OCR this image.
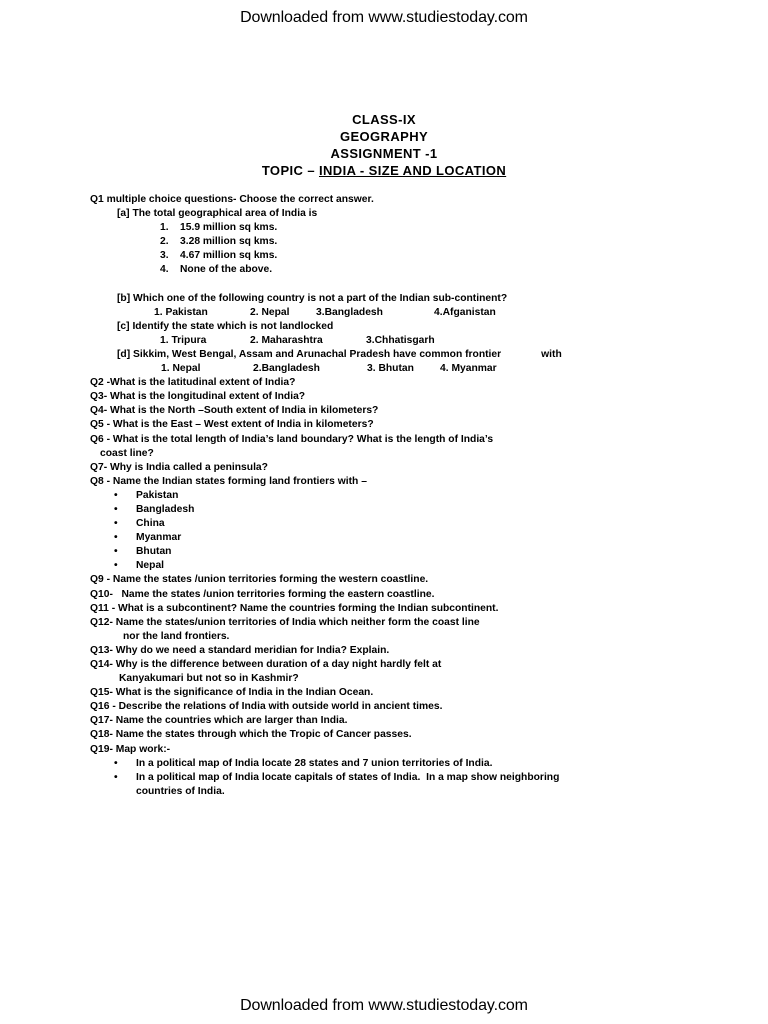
Downloaded from www.studiestoday.com
CLASS-IX
GEOGRAPHY
ASSIGNMENT -1
TOPIC – INDIA - SIZE AND LOCATION
Q1 multiple choice questions- Choose the correct answer.
[a] The total geographical area of India is
1. 15.9 million sq kms.
2. 3.28 million sq kms.
3. 4.67 million sq kms.
4. None of the above.
[b] Which one of the following country is not a part of the Indian sub-continent?
1. Pakistan	2. Nepal	3.Bangladesh	4.Afganistan
[c] Identify the state which is not landlocked
1. Tripura	2. Maharashtra	3.Chhatisgarh
[d] Sikkim, West Bengal, Assam and Arunachal Pradesh have common frontier	with
1. Nepal	2.Bangladesh	3. Bhutan	4. Myanmar
Q2 -What is the latitudinal extent of India?
Q3- What is the longitudinal extent of India?
Q4- What is the North –South extent of India in kilometers?
Q5 - What is the East – West extent of India in kilometers?
Q6 - What is the total length of India’s land boundary? What is the length of India’s
coast line?
Q7- Why is India called a peninsula?
Q8 - Name the Indian states forming land frontiers with –
• Pakistan
• Bangladesh
• China
• Myanmar
• Bhutan
• Nepal
Q9 - Name the states /union territories forming the western coastline.
Q10-   Name the states /union territories forming the eastern coastline.
Q11 - What is a subcontinent? Name the countries forming the Indian subcontinent.
Q12- Name the states/union territories of India which neither form the coast line
nor the land frontiers.
Q13- Why do we need a standard meridian for India? Explain.
Q14- Why is the difference between duration of a day night hardly felt at
Kanyakumari but not so in Kashmir?
Q15- What is the significance of India in the Indian Ocean.
Q16 - Describe the relations of India with outside world in ancient times.
Q17- Name the countries which are larger than India.
Q18- Name the states through which the Tropic of Cancer passes.
Q19- Map work:-
• In a political map of India locate 28 states and 7 union territories of India.
• In a political map of India locate capitals of states of India.  In a map show neighboring
countries of India.
Downloaded from www.studiestoday.com
